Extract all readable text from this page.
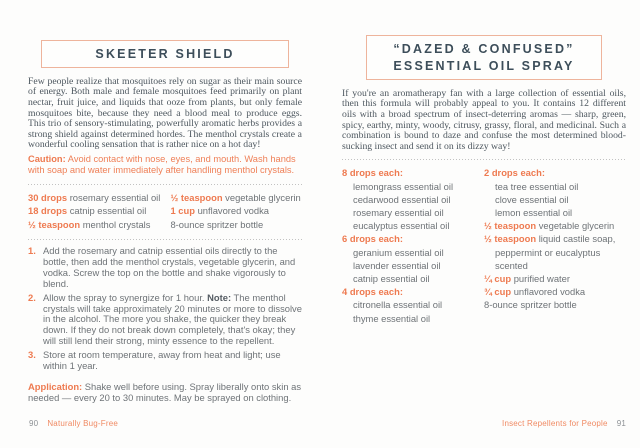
SKEETER SHIELD

Few people realize that mosquitoes rely on sugar as their main source of energy. Both male and female mosquitoes feed primarily on plant nectar, fruit juice, and liquids that ooze from plants, but only female mosquitoes bite, because they need a blood meal to produce eggs. This trio of sensory-stimulating, powerfully aromatic herbs provides a strong shield against determined hordes. The menthol crystals create a wonderful cooling sensation that is rather nice on a hot day!

Caution: Avoid contact with nose, eyes, and mouth. Wash hands with soap and water immediately after handling menthol crystals.

30 drops rosemary essential oil
18 drops catnip essential oil
½ teaspoon menthol crystals
½ teaspoon vegetable glycerin
1 cup unflavored vodka
8-ounce spritzer bottle
1. Add the rosemary and catnip essential oils directly to the bottle, then add the menthol crystals, vegetable glycerin, and vodka. Screw the top on the bottle and shake vigorously to blend.
2. Allow the spray to synergize for 1 hour. Note: The menthol crystals will take approximately 20 minutes or more to dissolve in the alcohol. The more you shake, the quicker they break down. If they do not break down completely, that's okay; they will still lend their strong, minty essence to the repellent.
3. Store at room temperature, away from heat and light; use within 1 year.

Application: Shake well before using. Spray liberally onto skin as needed — every 20 to 30 minutes. May be sprayed on clothing.

90 Naturally Bug-Free
“DAZED & CONFUSED”
ESSENTIAL OIL SPRAY

If you're an aromatherapy fan with a large collection of essential oils, then this formula will probably appeal to you. It contains 12 different oils with a broad spectrum of insect-deterring aromas — sharp, green, spicy, earthy, minty, woody, citrusy, grassy, floral, and medicinal. Such a combination is bound to daze and confuse the most determined blood-sucking insect and send it on its dizzy way!

8 drops each:
lemongrass essential oil
cedarwood essential oil
rosemary essential oil
eucalyptus essential oil
6 drops each:
geranium essential oil
lavender essential oil
catnip essential oil
4 drops each:
citronella essential oil
thyme essential oil
2 drops each:
tea tree essential oil
clove essential oil
lemon essential oil
½ teaspoon vegetable glycerin
½ teaspoon liquid castile soap, peppermint or eucalyptus scented
¼ cup purified water
¾ cup unflavored vodka
8-ounce spritzer bottle
Insect Repellents for People 91
